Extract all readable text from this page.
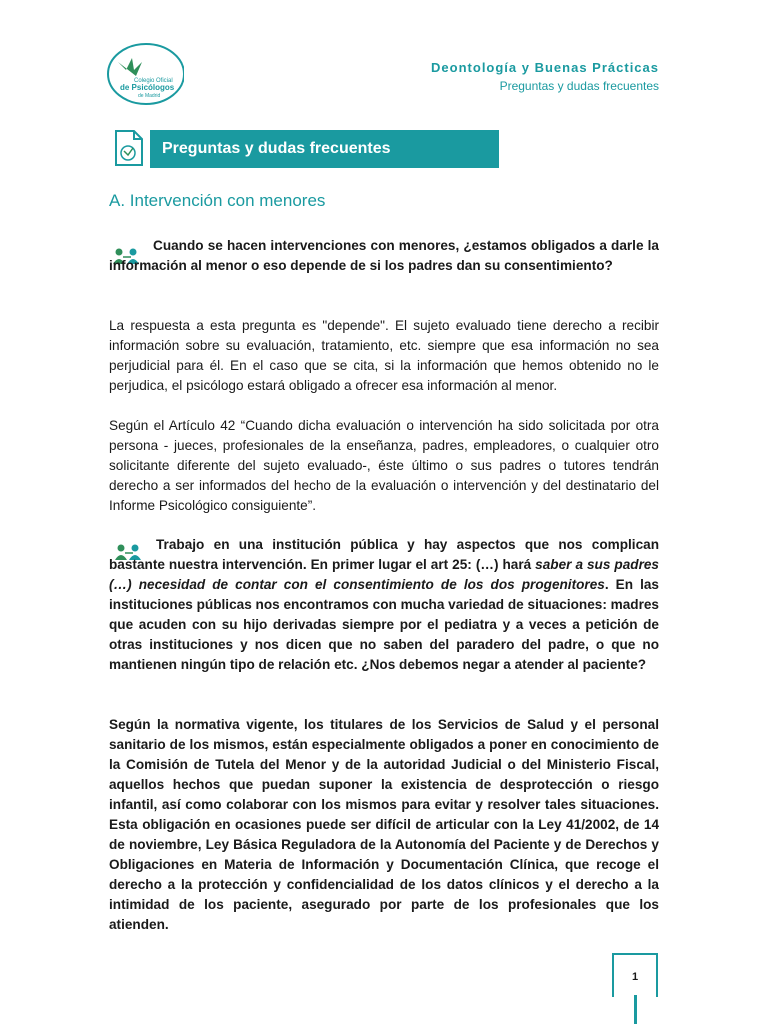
Colegio Oficial
de Psicólogos
de Madrid
Deontología y Buenas Prácticas
Preguntas y dudas frecuentes
Preguntas y dudas frecuentes
A. Intervención con menores

Cuando se hacen intervenciones con menores, ¿estamos obligados a darle la información al menor o eso depende de si los padres dan su consentimiento?

La respuesta a esta pregunta es "depende". El sujeto evaluado tiene derecho a recibir información sobre su evaluación, tratamiento, etc. siempre que esa información no sea perjudicial para él. En el caso que se cita, si la información que hemos obtenido no le perjudica, el psicólogo estará obligado a ofrecer esa información al menor.

Según el Artículo 42 “Cuando dicha evaluación o intervención ha sido solicitada por otra persona - jueces, profesionales de la enseñanza, padres, empleadores, o cualquier otro solicitante diferente del sujeto evaluado-, éste último o sus padres o tutores tendrán derecho a ser informados del hecho de la evaluación o intervención y del destinatario del Informe Psicológico consiguiente”.

Trabajo en una institución pública y hay aspectos que nos complican bastante nuestra intervención. En primer lugar el art 25: (…) hará saber a sus padres (…) necesidad de contar con el consentimiento de los dos progenitores. En las instituciones públicas nos encontramos con mucha variedad de situaciones: madres que acuden con su hijo derivadas siempre por el pediatra y a veces a petición de otras instituciones y nos dicen que no saben del paradero del padre, o que no mantienen ningún tipo de relación etc. ¿Nos debemos negar a atender al paciente?

Según la normativa vigente, los titulares de los Servicios de Salud y el personal sanitario de los mismos, están especialmente obligados a poner en conocimiento de la Comisión de Tutela del Menor y de la autoridad Judicial o del Ministerio Fiscal, aquellos hechos que puedan suponer la existencia de desprotección o riesgo infantil, así como colaborar con los mismos para evitar y resolver tales situaciones. Esta obligación en ocasiones puede ser difícil de articular con la Ley 41/2002, de 14 de noviembre, Ley Básica Reguladora de la Autonomía del Paciente y de Derechos y Obligaciones en Materia de Información y Documentación Clínica, que recoge el derecho a la protección y confidencialidad de los datos clínicos y el derecho a la intimidad de los paciente, asegurado por parte de los profesionales que los atienden.

1
